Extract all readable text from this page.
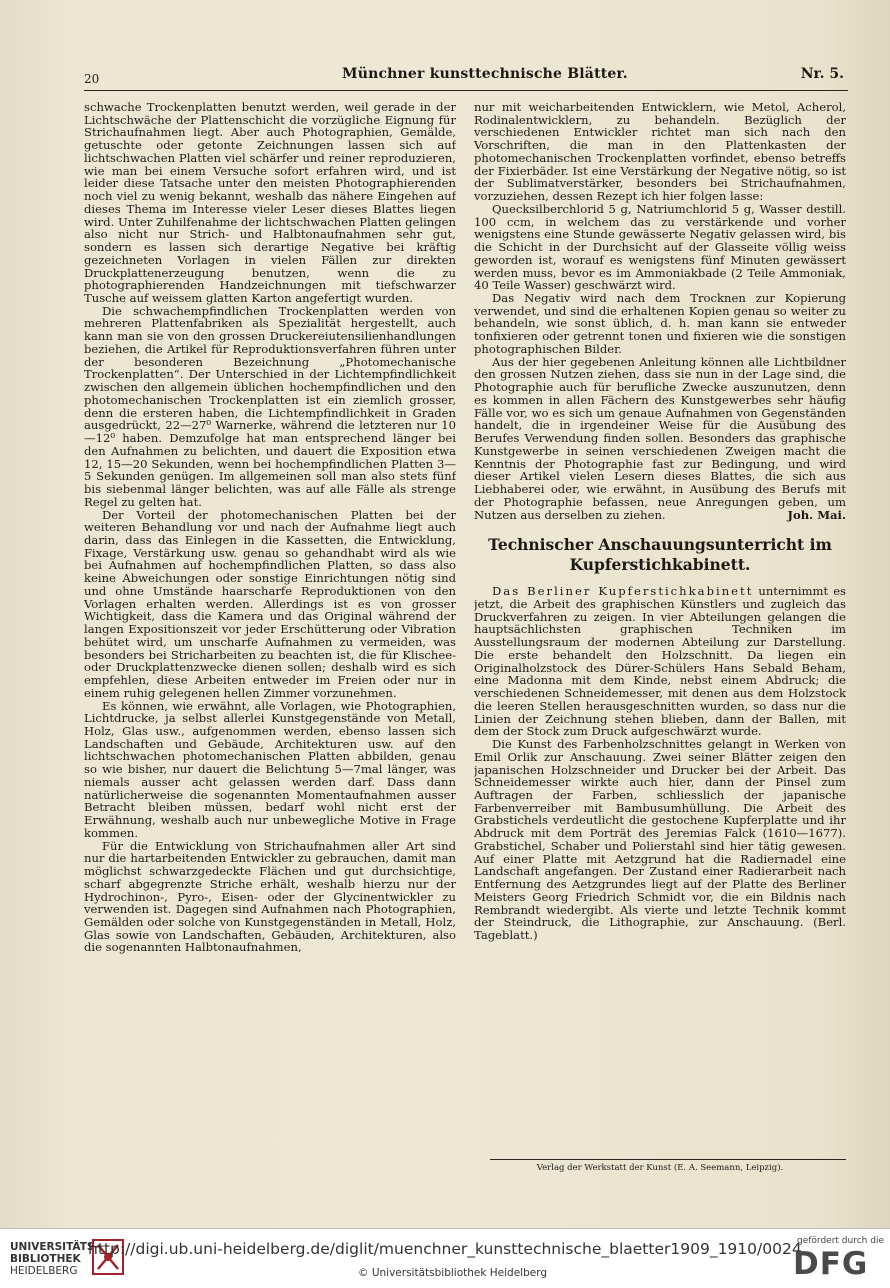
20	Münchner kunsttechnische Blätter.	Nr. 5.

schwache Trockenplatten benutzt werden, weil gerade in der Lichtschwäche der Plattenschicht die vorzügliche Eignung für Strichaufnahmen liegt. Aber auch Photographien, Gemälde, getuschte oder getonte Zeichnungen lassen sich auf lichtschwachen Platten viel schärfer und reiner reproduzieren, wie man bei einem Versuche sofort erfahren wird, und ist leider diese Tatsache unter den meisten Photographierenden noch viel zu wenig bekannt, weshalb das nähere Eingehen auf dieses Thema im Interesse vieler Leser dieses Blattes liegen wird. Unter Zuhilfenahme der lichtschwachen Platten gelingen also nicht nur Strich- und Halbtonaufnahmen sehr gut, sondern es lassen sich derartige Negative bei kräftig gezeichneten Vorlagen in vielen Fällen zur direkten Druckplattenerzeugung benutzen, wenn die zu photographierenden Handzeichnungen mit tiefschwarzer Tusche auf weissem glatten Karton angefertigt wurden.

Die schwachempfindlichen Trockenplatten werden von mehreren Plattenfabriken als Spezialität hergestellt, auch kann man sie von den grossen Druckereiutensilienhandlungen beziehen, die Artikel für Reproduktionsverfahren führen unter der besonderen Bezeichnung „Photomechanische Trockenplatten“. Der Unterschied in der Lichtempfindlichkeit zwischen den allgemein üblichen hochempfindlichen und den photomechanischen Trockenplatten ist ein ziemlich grosser, denn die ersteren haben, die Lichtempfindlichkeit in Graden ausgedrückt, 22—27⁰ Warnerke, während die letzteren nur 10—12⁰ haben. Demzufolge hat man entsprechend länger bei den Aufnahmen zu belichten, und dauert die Exposition etwa 12, 15—20 Sekunden, wenn bei hochempfindlichen Platten 3—5 Sekunden genügen. Im allgemeinen soll man also stets fünf bis siebenmal länger belichten, was auf alle Fälle als strenge Regel zu gelten hat.

Der Vorteil der photomechanischen Platten bei der weiteren Behandlung vor und nach der Aufnahme liegt auch darin, dass das Einlegen in die Kassetten, die Entwicklung, Fixage, Verstärkung usw. genau so gehandhabt wird als wie bei Aufnahmen auf hochempfindlichen Platten, so dass also keine Abweichungen oder sonstige Einrichtungen nötig sind und ohne Umstände haarscharfe Reproduktionen von den Vorlagen erhalten werden. Allerdings ist es von grosser Wichtigkeit, dass die Kamera und das Original während der langen Expositionszeit vor jeder Erschütterung oder Vibration behütet wird, um unscharfe Aufnahmen zu vermeiden, was besonders bei Stricharbeiten zu beachten ist, die für Klischee- oder Druckplattenzwecke dienen sollen; deshalb wird es sich empfehlen, diese Arbeiten entweder im Freien oder nur in einem ruhig gelegenen hellen Zimmer vorzunehmen.

Es können, wie erwähnt, alle Vorlagen, wie Photographien, Lichtdrucke, ja selbst allerlei Kunstgegenstände von Metall, Holz, Glas usw., aufgenommen werden, ebenso lassen sich Landschaften und Gebäude, Architekturen usw. auf den lichtschwachen photomechanischen Platten abbilden, genau so wie bisher, nur dauert die Belichtung 5—7mal länger, was niemals ausser acht gelassen werden darf. Dass dann natürlicherweise die sogenannten Momentaufnahmen ausser Betracht bleiben müssen, bedarf wohl nicht erst der Erwähnung, weshalb auch nur unbewegliche Motive in Frage kommen.

Für die Entwicklung von Strichaufnahmen aller Art sind nur die hartarbeitenden Entwickler zu gebrauchen, damit man möglichst schwarzgedeckte Flächen und gut durchsichtige, scharf abgegrenzte Striche erhält, weshalb hierzu nur der Hydrochinon-, Pyro-, Eisen- oder der Glycinentwickler zu verwenden ist. Dagegen sind Aufnahmen nach Photographien, Gemälden oder solche von Kunstgegenständen in Metall, Holz, Glas sowie von Landschaften, Gebäuden, Architekturen, also die sogenannten Halbtonaufnahmen,

nur mit weicharbeitenden Entwicklern, wie Metol, Acherol, Rodinalentwicklern, zu behandeln. Bezüglich der verschiedenen Entwickler richtet man sich nach den Vorschriften, die man in den Plattenkasten der photomechanischen Trockenplatten vorfindet, ebenso betreffs der Fixierbäder. Ist eine Verstärkung der Negative nötig, so ist der Sublimatverstärker, besonders bei Strichaufnahmen, vorzuziehen, dessen Rezept ich hier folgen lasse:

Quecksilberchlorid 5 g, Natriumchlorid 5 g, Wasser destill. 100 ccm, in welchem das zu verstärkende und vorher wenigstens eine Stunde gewässerte Negativ gelassen wird, bis die Schicht in der Durchsicht auf der Glasseite völlig weiss geworden ist, worauf es wenigstens fünf Minuten gewässert werden muss, bevor es im Ammoniakbade (2 Teile Ammoniak, 40 Teile Wasser) geschwärzt wird.

Das Negativ wird nach dem Trocknen zur Kopierung verwendet, und sind die erhaltenen Kopien genau so weiter zu behandeln, wie sonst üblich, d. h. man kann sie entweder tonfixieren oder getrennt tonen und fixieren wie die sonstigen photographischen Bilder.

Aus der hier gegebenen Anleitung können alle Lichtbildner den grossen Nutzen ziehen, dass sie nun in der Lage sind, die Photographie auch für berufliche Zwecke auszunutzen, denn es kommen in allen Fächern des Kunstgewerbes sehr häufig Fälle vor, wo es sich um genaue Aufnahmen von Gegenständen handelt, die in irgendeiner Weise für die Ausübung des Berufes Verwendung finden sollen. Besonders das graphische Kunstgewerbe in seinen verschiedenen Zweigen macht die Kenntnis der Photographie fast zur Bedingung, und wird dieser Artikel vielen Lesern dieses Blattes, die sich aus Liebhaberei oder, wie erwähnt, in Ausübung des Berufs mit der Photographie befassen, neue Anregungen geben, um Nutzen aus derselben zu ziehen.	Joh. Mai.
Technischer Anschauungsunterricht im Kupferstichkabinett.

Das Berliner Kupferstichkabinett unternimmt es jetzt, die Arbeit des graphischen Künstlers und zugleich das Druckverfahren zu zeigen. In vier Abteilungen gelangen die hauptsächlichsten graphischen Techniken im Ausstellungsraum der modernen Abteilung zur Darstellung. Die erste behandelt den Holzschnitt. Da liegen ein Originalholzstock des Dürer-Schülers Hans Sebald Beham, eine Madonna mit dem Kinde, nebst einem Abdruck; die verschiedenen Schneidemesser, mit denen aus dem Holzstock die leeren Stellen herausgeschnitten wurden, so dass nur die Linien der Zeichnung stehen blieben, dann der Ballen, mit dem der Stock zum Druck aufgeschwärzt wurde.

Die Kunst des Farbenholzschnittes gelangt in Werken von Emil Orlik zur Anschauung. Zwei seiner Blätter zeigen den japanischen Holzschneider und Drucker bei der Arbeit. Das Schneidemesser wirkte auch hier, dann der Pinsel zum Auftragen der Farben, schliesslich der japanische Farbenverreiber mit Bambusumhüllung. Die Arbeit des Grabstichels verdeutlicht die gestochene Kupferplatte und ihr Abdruck mit dem Porträt des Jeremias Falck (1610—1677). Grabstichel, Schaber und Polierstahl sind hier tätig gewesen. Auf einer Platte mit Aetzgrund hat die Radiernadel eine Landschaft angefangen. Der Zustand einer Radierarbeit nach Entfernung des Aetzgrundes liegt auf der Platte des Berliner Meisters Georg Friedrich Schmidt vor, die ein Bildnis nach Rembrandt wiedergibt. Als vierte und letzte Technik kommt der Steindruck, die Lithographie, zur Anschauung. (Berl. Tageblatt.)

Verlag der Werkstatt der Kunst (E. A. Seemann, Leipzig).
UNIVERSITÄTS-
BIBLIOTHEK
HEIDELBERG
http://digi.ub.uni-heidelberg.de/diglit/muenchner_kunsttechnische_blaetter1909_1910/0024
© Universitätsbibliothek Heidelberg
gefördert durch die
DFG
